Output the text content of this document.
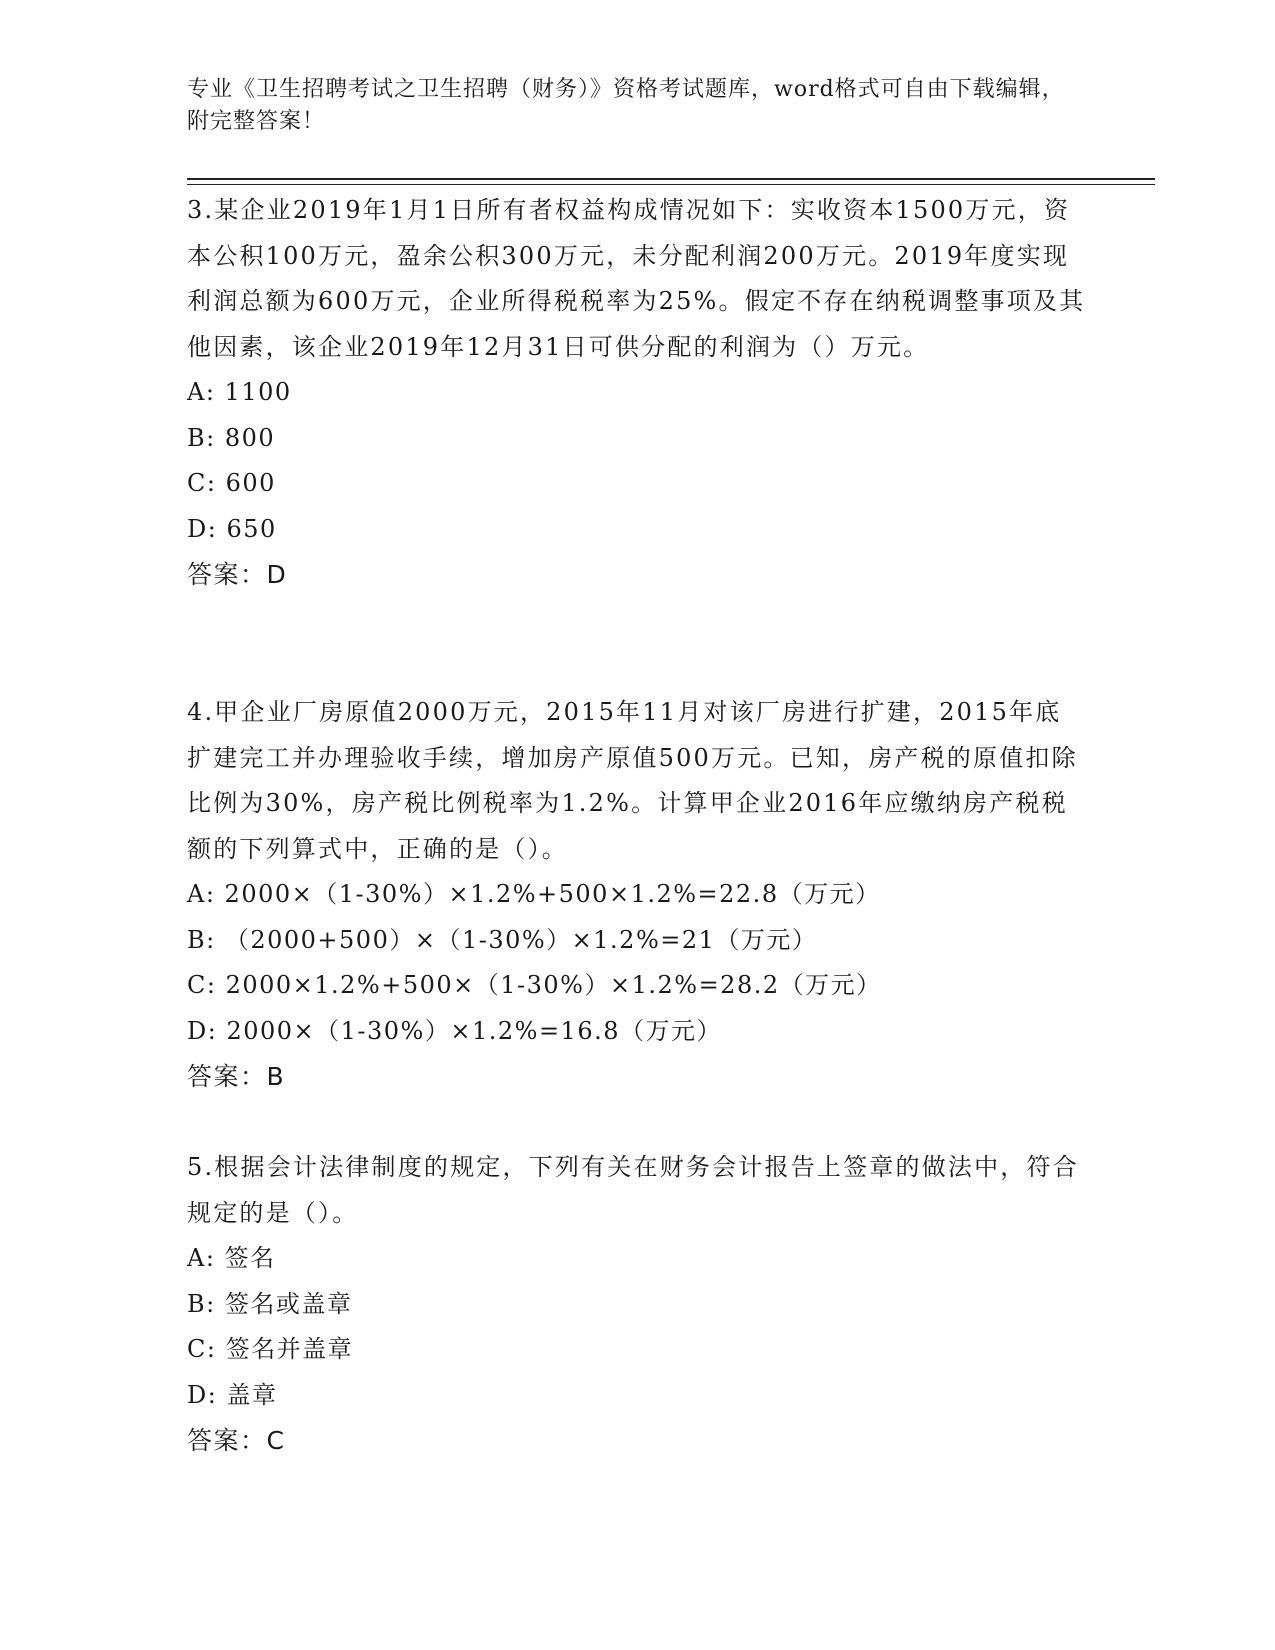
专业《卫生招聘考试之卫生招聘（财务）》资格考试题库，word格式可自由下载编辑，附完整答案！

3.某企业2019年1月1日所有者权益构成情况如下：实收资本1500万元，资本公积100万元，盈余公积300万元，未分配利润200万元。2019年度实现利润总额为600万元，企业所得税税率为25%。假定不存在纳税调整事项及其他因素，该企业2019年12月31日可供分配的利润为（）万元。

A: 1100

B: 800

C: 600

D: 650

答案：D

4.甲企业厂房原值2000万元，2015年11月对该厂房进行扩建，2015年底扩建完工并办理验收手续，增加房产原值500万元。已知，房产税的原值扣除比例为30%，房产税比例税率为1.2%。计算甲企业2016年应缴纳房产税税额的下列算式中，正确的是（）。

A: 2000×（1-30%）×1.2%+500×1.2%=22.8（万元）

B: （2000+500）×（1-30%）×1.2%=21（万元）

C: 2000×1.2%+500×（1-30%）×1.2%=28.2（万元）

D: 2000×（1-30%）×1.2%=16.8（万元）

答案：B

5.根据会计法律制度的规定，下列有关在财务会计报告上签章的做法中，符合规定的是（）。

A: 签名

B: 签名或盖章

C: 签名并盖章

D: 盖章

答案：C
